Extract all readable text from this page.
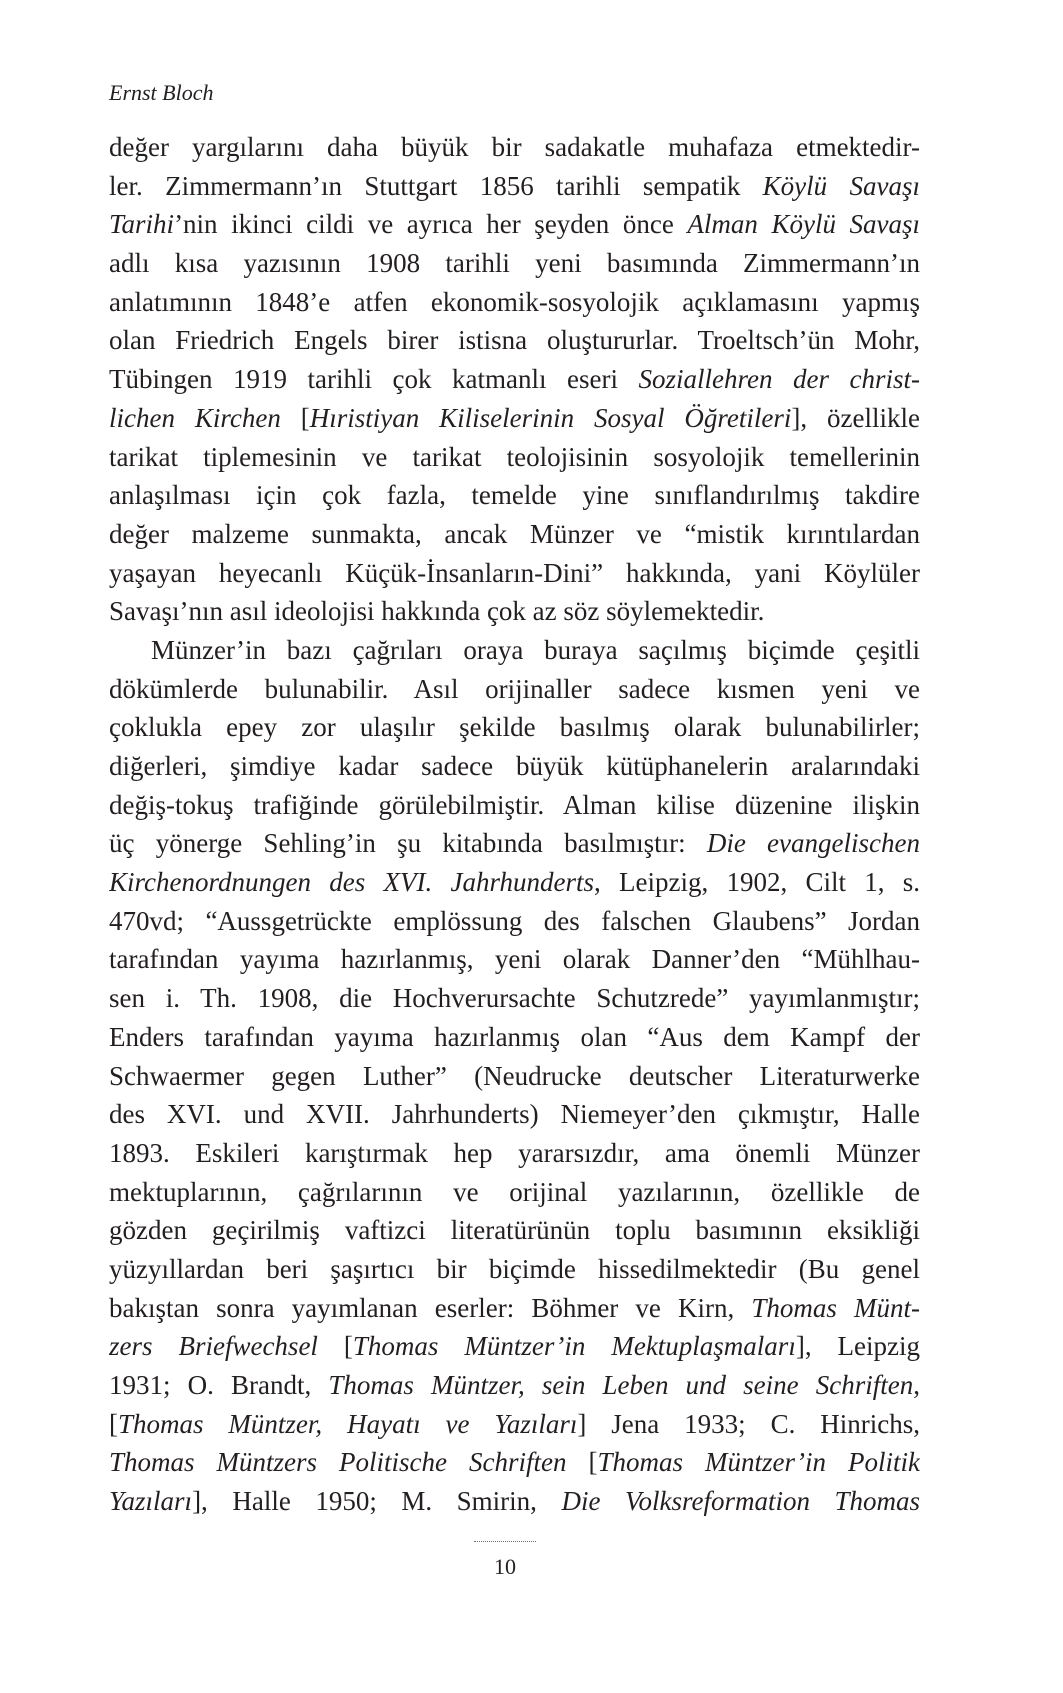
Ernst Bloch
değer yargılarını daha büyük bir sadakatle muhafaza etmektedir-
ler. Zimmermann’ın Stuttgart 1856 tarihli sempatik Köylü Savaşı
Tarihi’nin ikinci cildi ve ayrıca her şeyden önce Alman Köylü Savaşı
adlı kısa yazısının 1908 tarihli yeni basımında Zimmermann’ın
anlatımının 1848’e atfen ekonomik-sosyolojik açıklamasını yapmış
olan Friedrich Engels birer istisna oluştururlar. Troeltsch’ün Mohr,
Tübingen 1919 tarihli çok katmanlı eseri Soziallehren der christ-
lichen Kirchen [Hıristiyan Kiliselerinin Sosyal Öğretileri], özellikle
tarikat tiplemesinin ve tarikat teolojisinin sosyolojik temellerinin
anlaşılması için çok fazla, temelde yine sınıflandırılmış takdire
değer malzeme sunmakta, ancak Münzer ve “mistik kırıntılardan
yaşayan heyecanlı Küçük-İnsanların-Dini” hakkında, yani Köylüler
Savaşı’nın asıl ideolojisi hakkında çok az söz söylemektedir.
Münzer’in bazı çağrıları oraya buraya saçılmış biçimde çeşitli
dökümlerde bulunabilir. Asıl orijinaller sadece kısmen yeni ve
çoklukla epey zor ulaşılır şekilde basılmış olarak bulunabilirler;
diğerleri, şimdiye kadar sadece büyük kütüphanelerin aralarındaki
değiş-tokuş trafiğinde görülebilmiştir. Alman kilise düzenine ilişkin
üç yönerge Sehling’in şu kitabında basılmıştır: Die evangelischen
Kirchenordnungen des XVI. Jahrhunderts, Leipzig, 1902, Cilt 1, s.
470vd; “Aussgetrückte emplössung des falschen Glaubens” Jordan
tarafından yayıma hazırlanmış, yeni olarak Danner’den “Mühlhau-
sen i. Th. 1908, die Hochverursachte Schutzrede” yayımlanmıştır;
Enders tarafından yayıma hazırlanmış olan “Aus dem Kampf der
Schwaermer gegen Luther” (Neudrucke deutscher Literaturwerke
des XVI. und XVII. Jahrhunderts) Niemeyer’den çıkmıştır, Halle
1893. Eskileri karıştırmak hep yararsızdır, ama önemli Münzer
mektuplarının, çağrılarının ve orijinal yazılarının, özellikle de
gözden geçirilmiş vaftizci literatürünün toplu basımının eksikliği
yüzyıllardan beri şaşırtıcı bir biçimde hissedilmektedir (Bu genel
bakıştan sonra yayımlanan eserler: Böhmer ve Kirn, Thomas Münt-
zers Briefwechsel [Thomas Müntzer’in Mektuplaşmaları], Leipzig
1931; O. Brandt, Thomas Müntzer, sein Leben und seine Schriften,
[Thomas Müntzer, Hayatı ve Yazıları] Jena 1933; C. Hinrichs,
Thomas Müntzers Politische Schriften [Thomas Müntzer’in Politik
Yazıları], Halle 1950; M. Smirin, Die Volksreformation Thomas
10
